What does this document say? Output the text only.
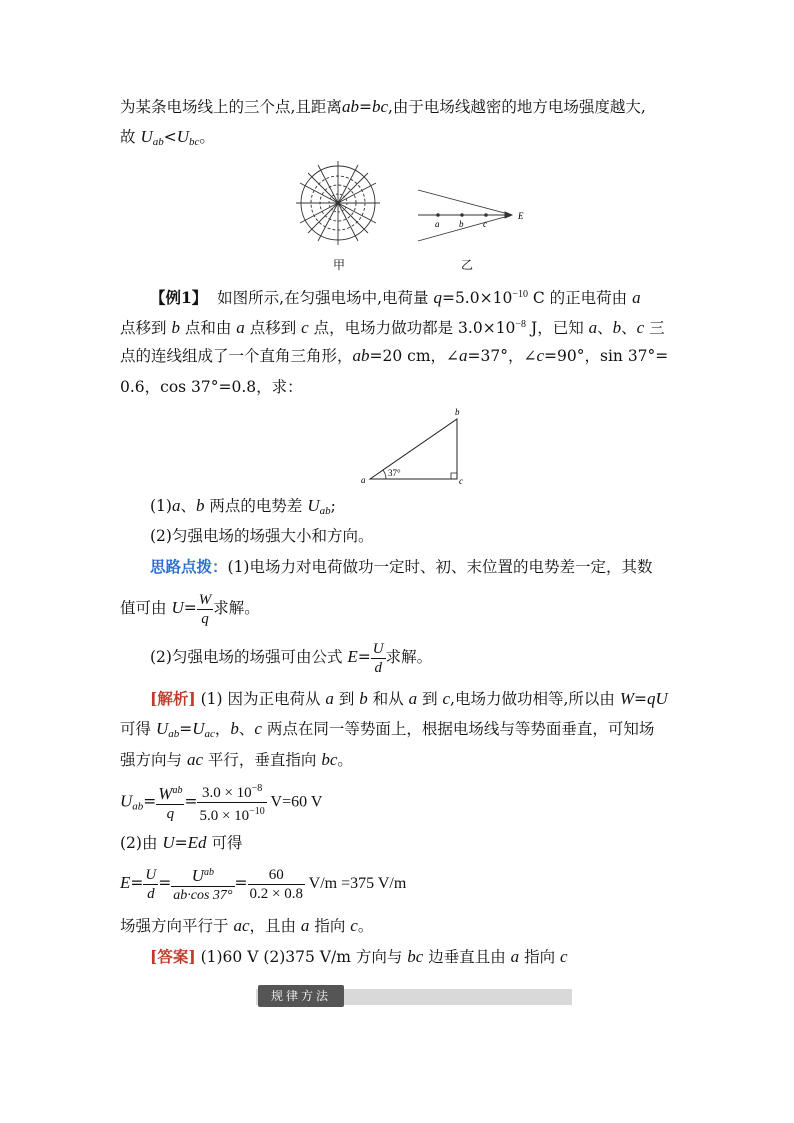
为某条电场线上的三个点,且距离ab=bc,由于电场线越密的地方电场强度越大,
故 $U_{ab}<U_{bc}$。
a b c
E
甲	乙
【例1】 如图所示,在匀强电场中,电荷量 $q=5.0\times 10^{-10}$ C 的正电荷由 a
点移到 b 点和由 a 点移到 c 点，电场力做功都是 $3.0\times 10^{-8}$ J，已知 a、b、c 三
点的连线组成了一个直角三角形，ab=20 cm，∠a=37°，∠c=90°，sin 37°=
0.6，cos 37°=0.8，求：
37°
a
b
c
(1)a、b 两点的电势差 $U_{ab}$;
(2)匀强电场的场强大小和方向。
思路点拨：(1)电场力对电荷做功一定时、初、末位置的电势差一定，其数
值可由 $U= \frac{W}{q}$ 求解。
(2)匀强电场的场强可由公式 $E= \frac{U}{d}$ 求解。
[解析] (1) 因为正电荷从 a 到 b 和从 a 到 c,电场力做功相等,所以由 W=qU
可得 $U_{ab}=U_{ac}$，b、c 两点在同一等势面上，根据电场线与等势面垂直，可知场
强方向与 ac 平行，垂直指向 bc。
$U_{ab}= \frac{W^{ab}}{q} = \frac{3.0 \times 10^{-8}}{5.0 \times 10^{-10}} V=60$ V
(2)由 U=Ed 可得
$E= \frac{U}{d} = \frac{U^{ab}}{ab\cdot\cos 37^\circ} = \frac{60}{0.2 \times 0.8} V/m =375$ V/m
场强方向平行于 ac，且由 a 指向 c。
[答案] (1)60 V (2)375 V/m 方向与 bc 边垂直且由 a 指向 c
规律方法
